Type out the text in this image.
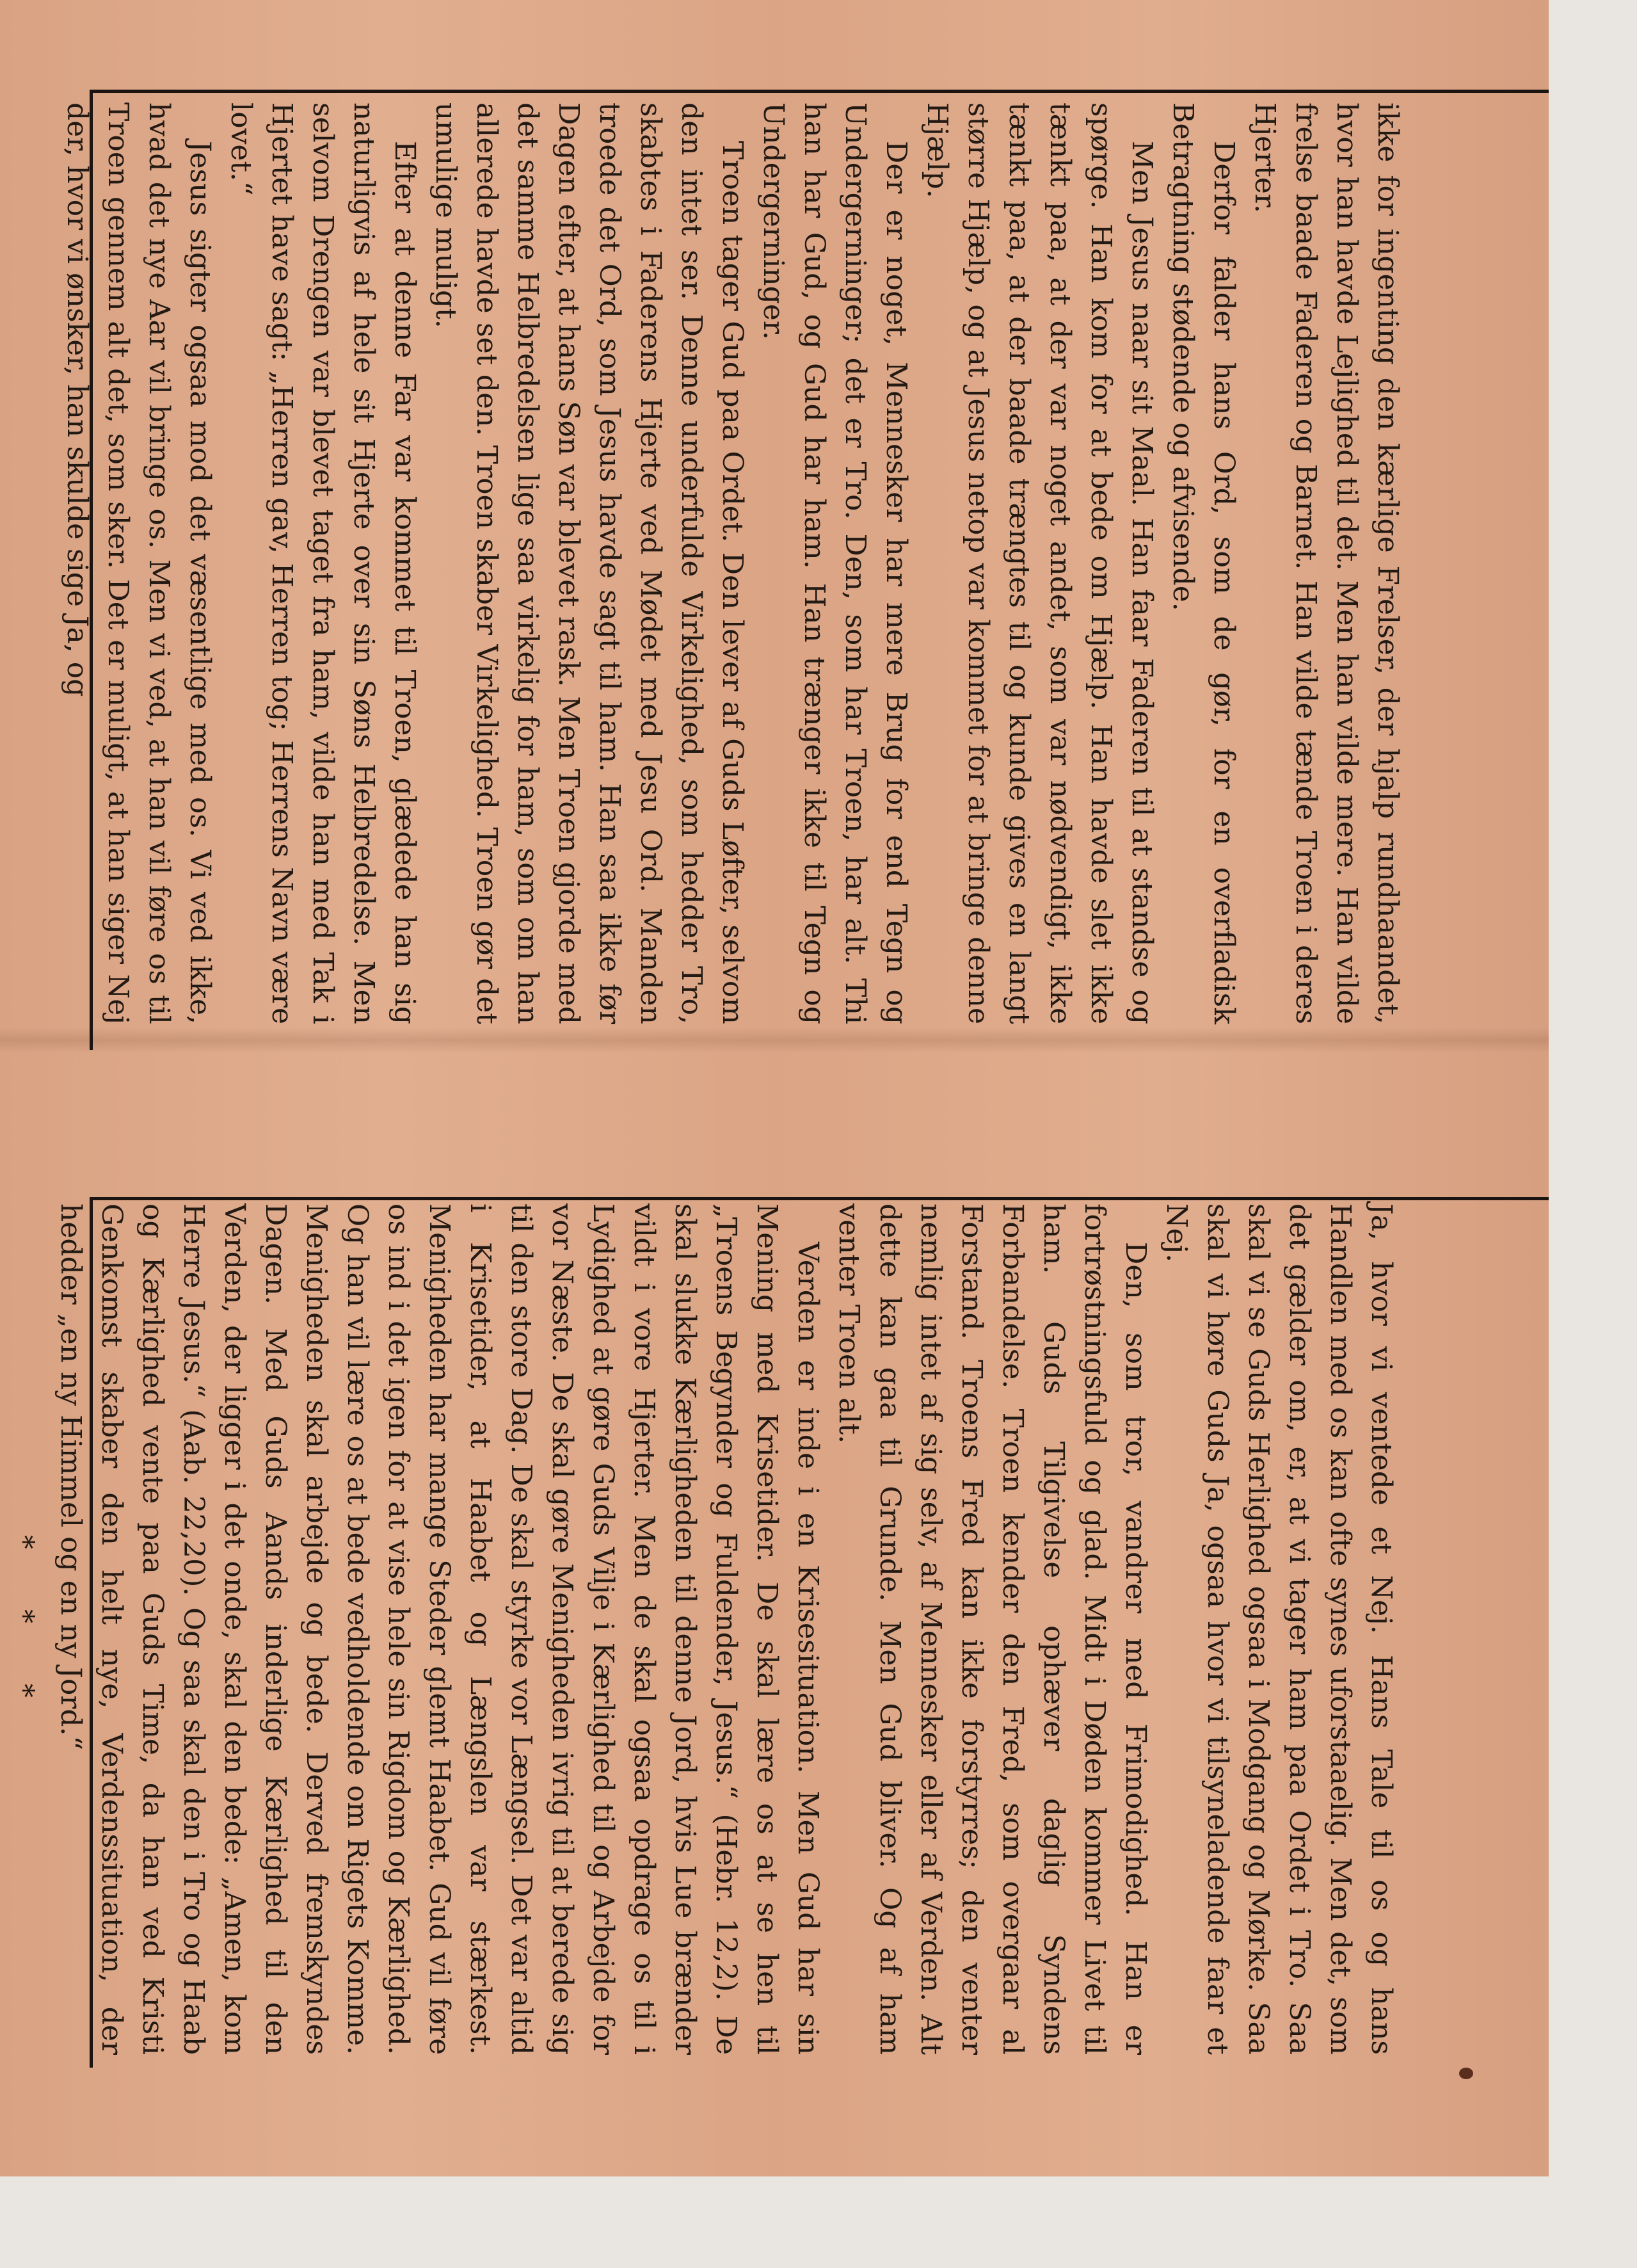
ikke for ingenting den kærlige Frelser, der hjalp rundhaandet, hvor han havde Lejlighed til det. Men han vilde mere. Han vilde frelse baade Faderen og Barnet. Han vilde tænde Troen i deres Hjerter.

Derfor falder hans Ord, som de gør, for en overfladisk Betragtning stødende og afvisende.

Men Jesus naar sit Maal. Han faar Faderen til at standse og spørge. Han kom for at bede om Hjælp. Han havde slet ikke tænkt paa, at der var noget andet, som var nødvendigt, ikke tænkt paa, at der baade trængtes til og kunde gives en langt større Hjælp, og at Jesus netop var kommet for at bringe denne Hjælp.

Der er noget, Mennesker har mere Brug for end Tegn og Undergerninger; det er Tro. Den, som har Troen, har alt. Thi han har Gud, og Gud har ham. Han trænger ikke til Tegn og Undergerninger.

Troen tager Gud paa Ordet. Den lever af Guds Løfter, selvom den intet ser. Denne underfulde Virkelighed, som hedder Tro, skabtes i Faderens Hjerte ved Mødet med Jesu Ord. Manden troede det Ord, som Jesus havde sagt til ham. Han saa ikke før Dagen efter, at hans Søn var blevet rask. Men Troen gjorde med det samme Helbredelsen lige saa virkelig for ham, som om han allerede havde set den. Troen skaber Virkelighed. Troen gør det umulige muligt.

Efter at denne Far var kommet til Troen, glædede han sig naturligvis af hele sit Hjerte over sin Søns Helbredelse. Men selvom Drengen var blevet taget fra ham, vilde han med Tak i Hjertet have sagt: „Herren gav, Herren tog; Herrens Navn være lovet.“

Jesus sigter ogsaa mod det væsentlige med os. Vi ved ikke, hvad det nye Aar vil bringe os. Men vi ved, at han vil føre os til Troen gennem alt det, som sker. Det er muligt, at han siger Nej der, hvor vi ønsker, han skulde sige Ja, og

Ja, hvor vi ventede et Nej. Hans Tale til os og hans Handlen med os kan ofte synes uforstaaelig. Men det, som det gælder om, er, at vi tager ham paa Ordet i Tro. Saa skal vi se Guds Herlighed ogsaa i Modgang og Mørke. Saa skal vi høre Guds Ja, ogsaa hvor vi tilsyneladende faar et Nej.

Den, som tror, vandrer med Frimodighed. Han er fortrøstningsfuld og glad. Midt i Døden kommer Livet til ham. Guds Tilgivelse ophæver daglig Syndens Forbandelse. Troen kender den Fred, som overgaar al Forstand. Troens Fred kan ikke forstyrres; den venter nemlig intet af sig selv, af Mennesker eller af Verden. Alt dette kan gaa til Grunde. Men Gud bliver. Og af ham venter Troen alt.

Verden er inde i en Krisesituation. Men Gud har sin Mening med Krisetider. De skal lære os at se hen til „Troens Begynder og Fuldender, Jesus.“ (Hebr. 12,2). De skal slukke Kærligheden til denne Jord, hvis Lue brænder vildt i vore Hjerter. Men de skal ogsaa opdrage os til i Lydighed at gøre Guds Vilje i Kærlighed til og Arbejde for vor Næste. De skal gøre Menigheden ivrig til at berede sig til den store Dag. De skal styrke vor Længsel. Det var altid i Krisetider, at Haabet og Længslen var stærkest. Menigheden har mange Steder glemt Haabet. Gud vil føre os ind i det igen for at vise hele sin Rigdom og Kærlighed. Og han vil lære os at bede vedholdende om Rigets Komme. Menigheden skal arbejde og bede. Derved fremskyndes Dagen. Med Guds Aands inderlige Kærlighed til den Verden, der ligger i det onde, skal den bede: „Amen, kom Herre Jesus.“ (Aab. 22,20). Og saa skal den i Tro og Haab og Kærlighed vente paa Guds Time, da han ved Kristi Genkomst skaber den helt nye, Verdenssituation, der hedder „en ny Himmel og en ny Jord.“

* * *
